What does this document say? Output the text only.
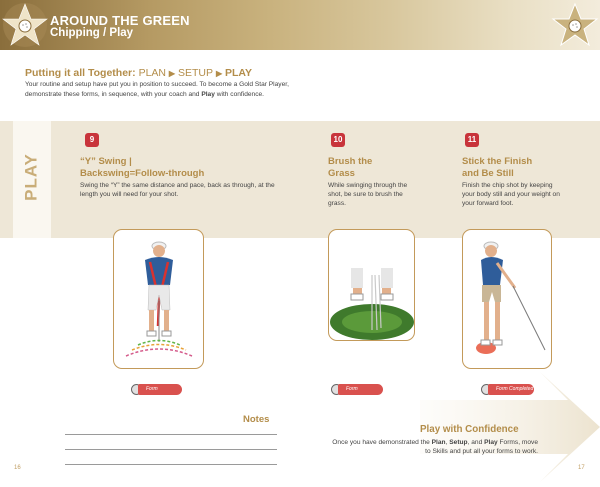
AROUND THE GREEN
Chipping / Play
Putting it all Together: PLAN ▶ SETUP ▶ PLAY
Your routine and setup have put you in position to succeed. To become a Gold Star Player, demonstrate these forms, in sequence, with your coach and Play with confidence.
PLAY
9
“Y” Swing |
Backswing=Follow-through
Swing the “Y” the same distance and pace, back as through, at the length you will need for your shot.
10
Brush the
Grass
While swinging through the shot, be sure to brush the grass.
11
Stick the Finish
and Be Still
Finish the chip shot by keeping your body still and your weight on your forward foot.
Form Completed
Form Completed
Form Completed
Notes
Play with Confidence
Once you have demonstrated the Plan, Setup, and Play Forms, move to Skills and put all your forms to work.
16	17
